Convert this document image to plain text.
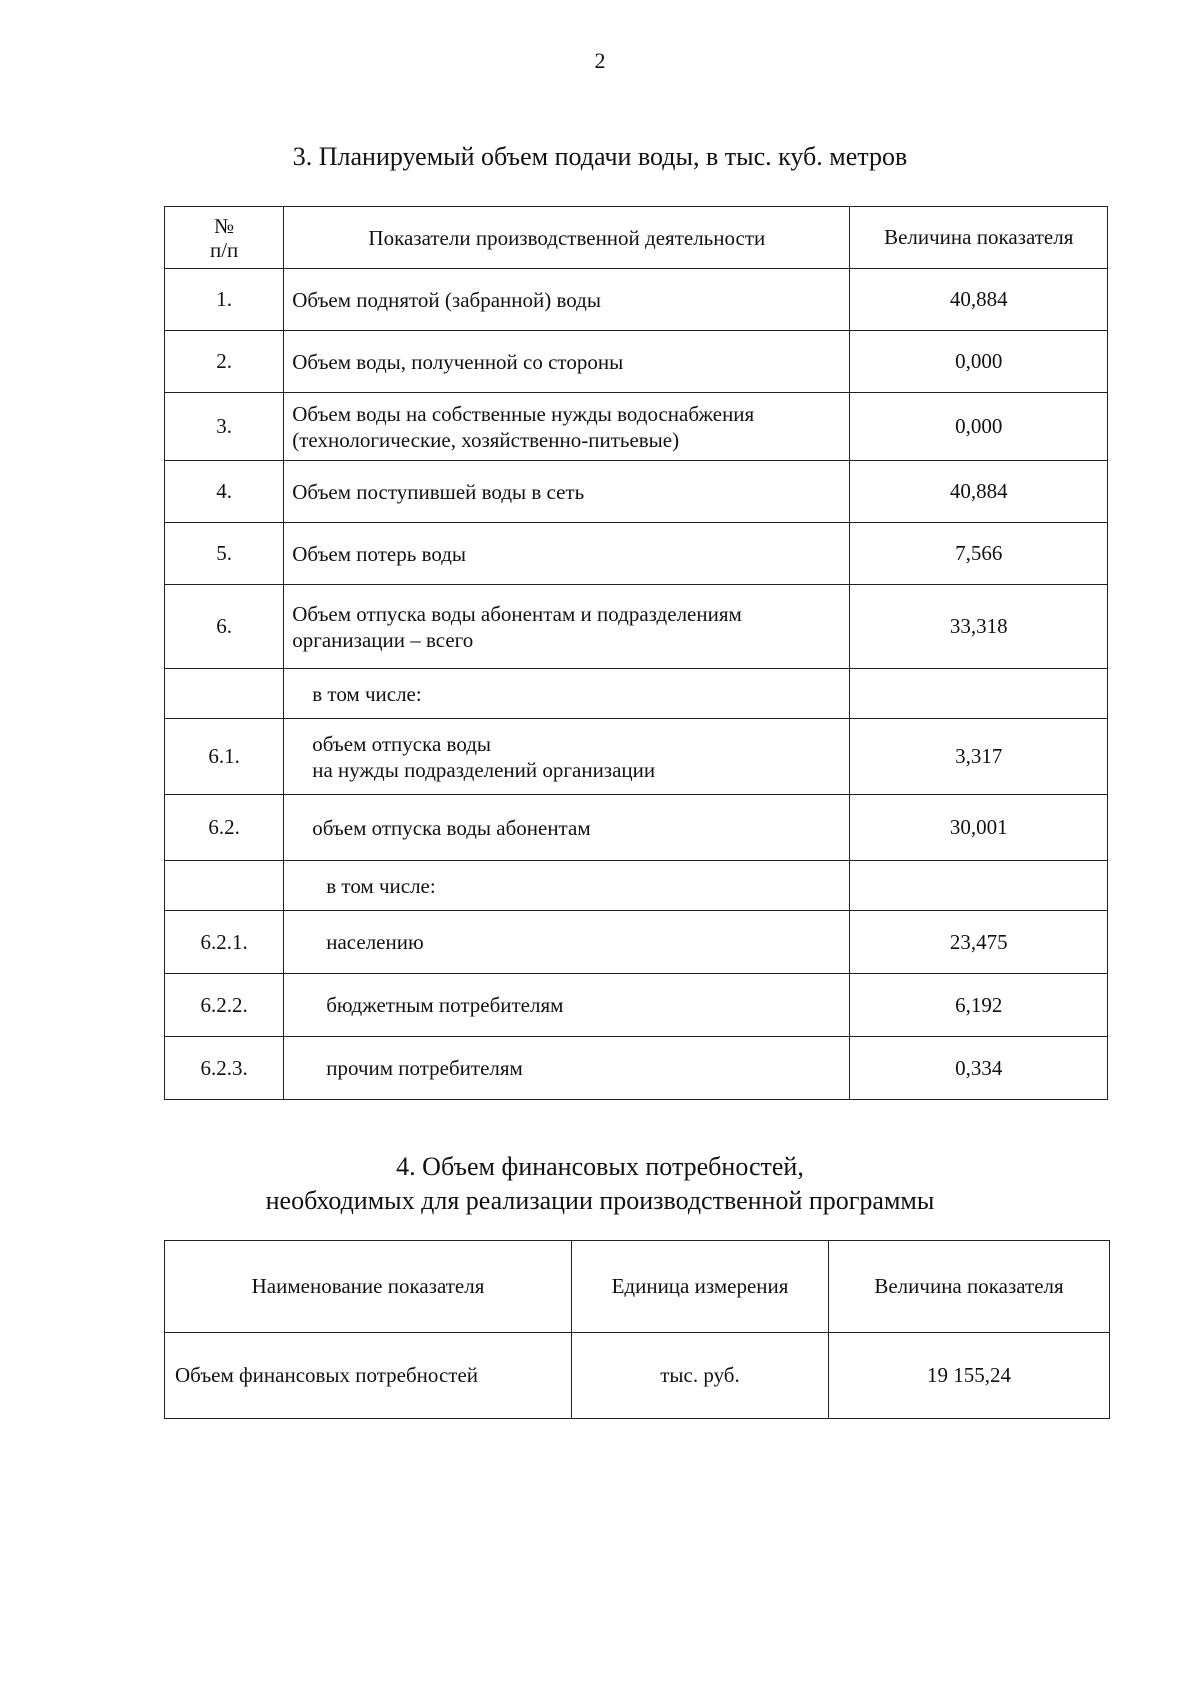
2
3. Планируемый объем подачи воды, в тыс. куб. метров
№
п/п	Показатели производственной деятельности	Величина показателя
1.	Объем поднятой (забранной) воды	40,884
2.	Объем воды, полученной со стороны	0,000
3.	Объем воды на собственные нужды водоснабжения
(технологические, хозяйственно-питьевые)	0,000
4.	Объем поступившей воды в сеть	40,884
5.	Объем потерь воды	7,566
6.	Объем отпуска воды абонентам и подразделениям
организации – всего	33,318
	в том числе:	
6.1.	объем отпуска воды
на нужды подразделений организации	3,317
6.2.	объем отпуска воды абонентам	30,001
	в том числе:	
6.2.1.	населению	23,475
6.2.2.	бюджетным потребителям	6,192
6.2.3.	прочим потребителям	0,334
4. Объем финансовых потребностей,
необходимых для реализации производственной программы
Наименование показателя	Единица измерения	Величина показателя
Объем финансовых потребностей	тыс. руб.	19 155,24
